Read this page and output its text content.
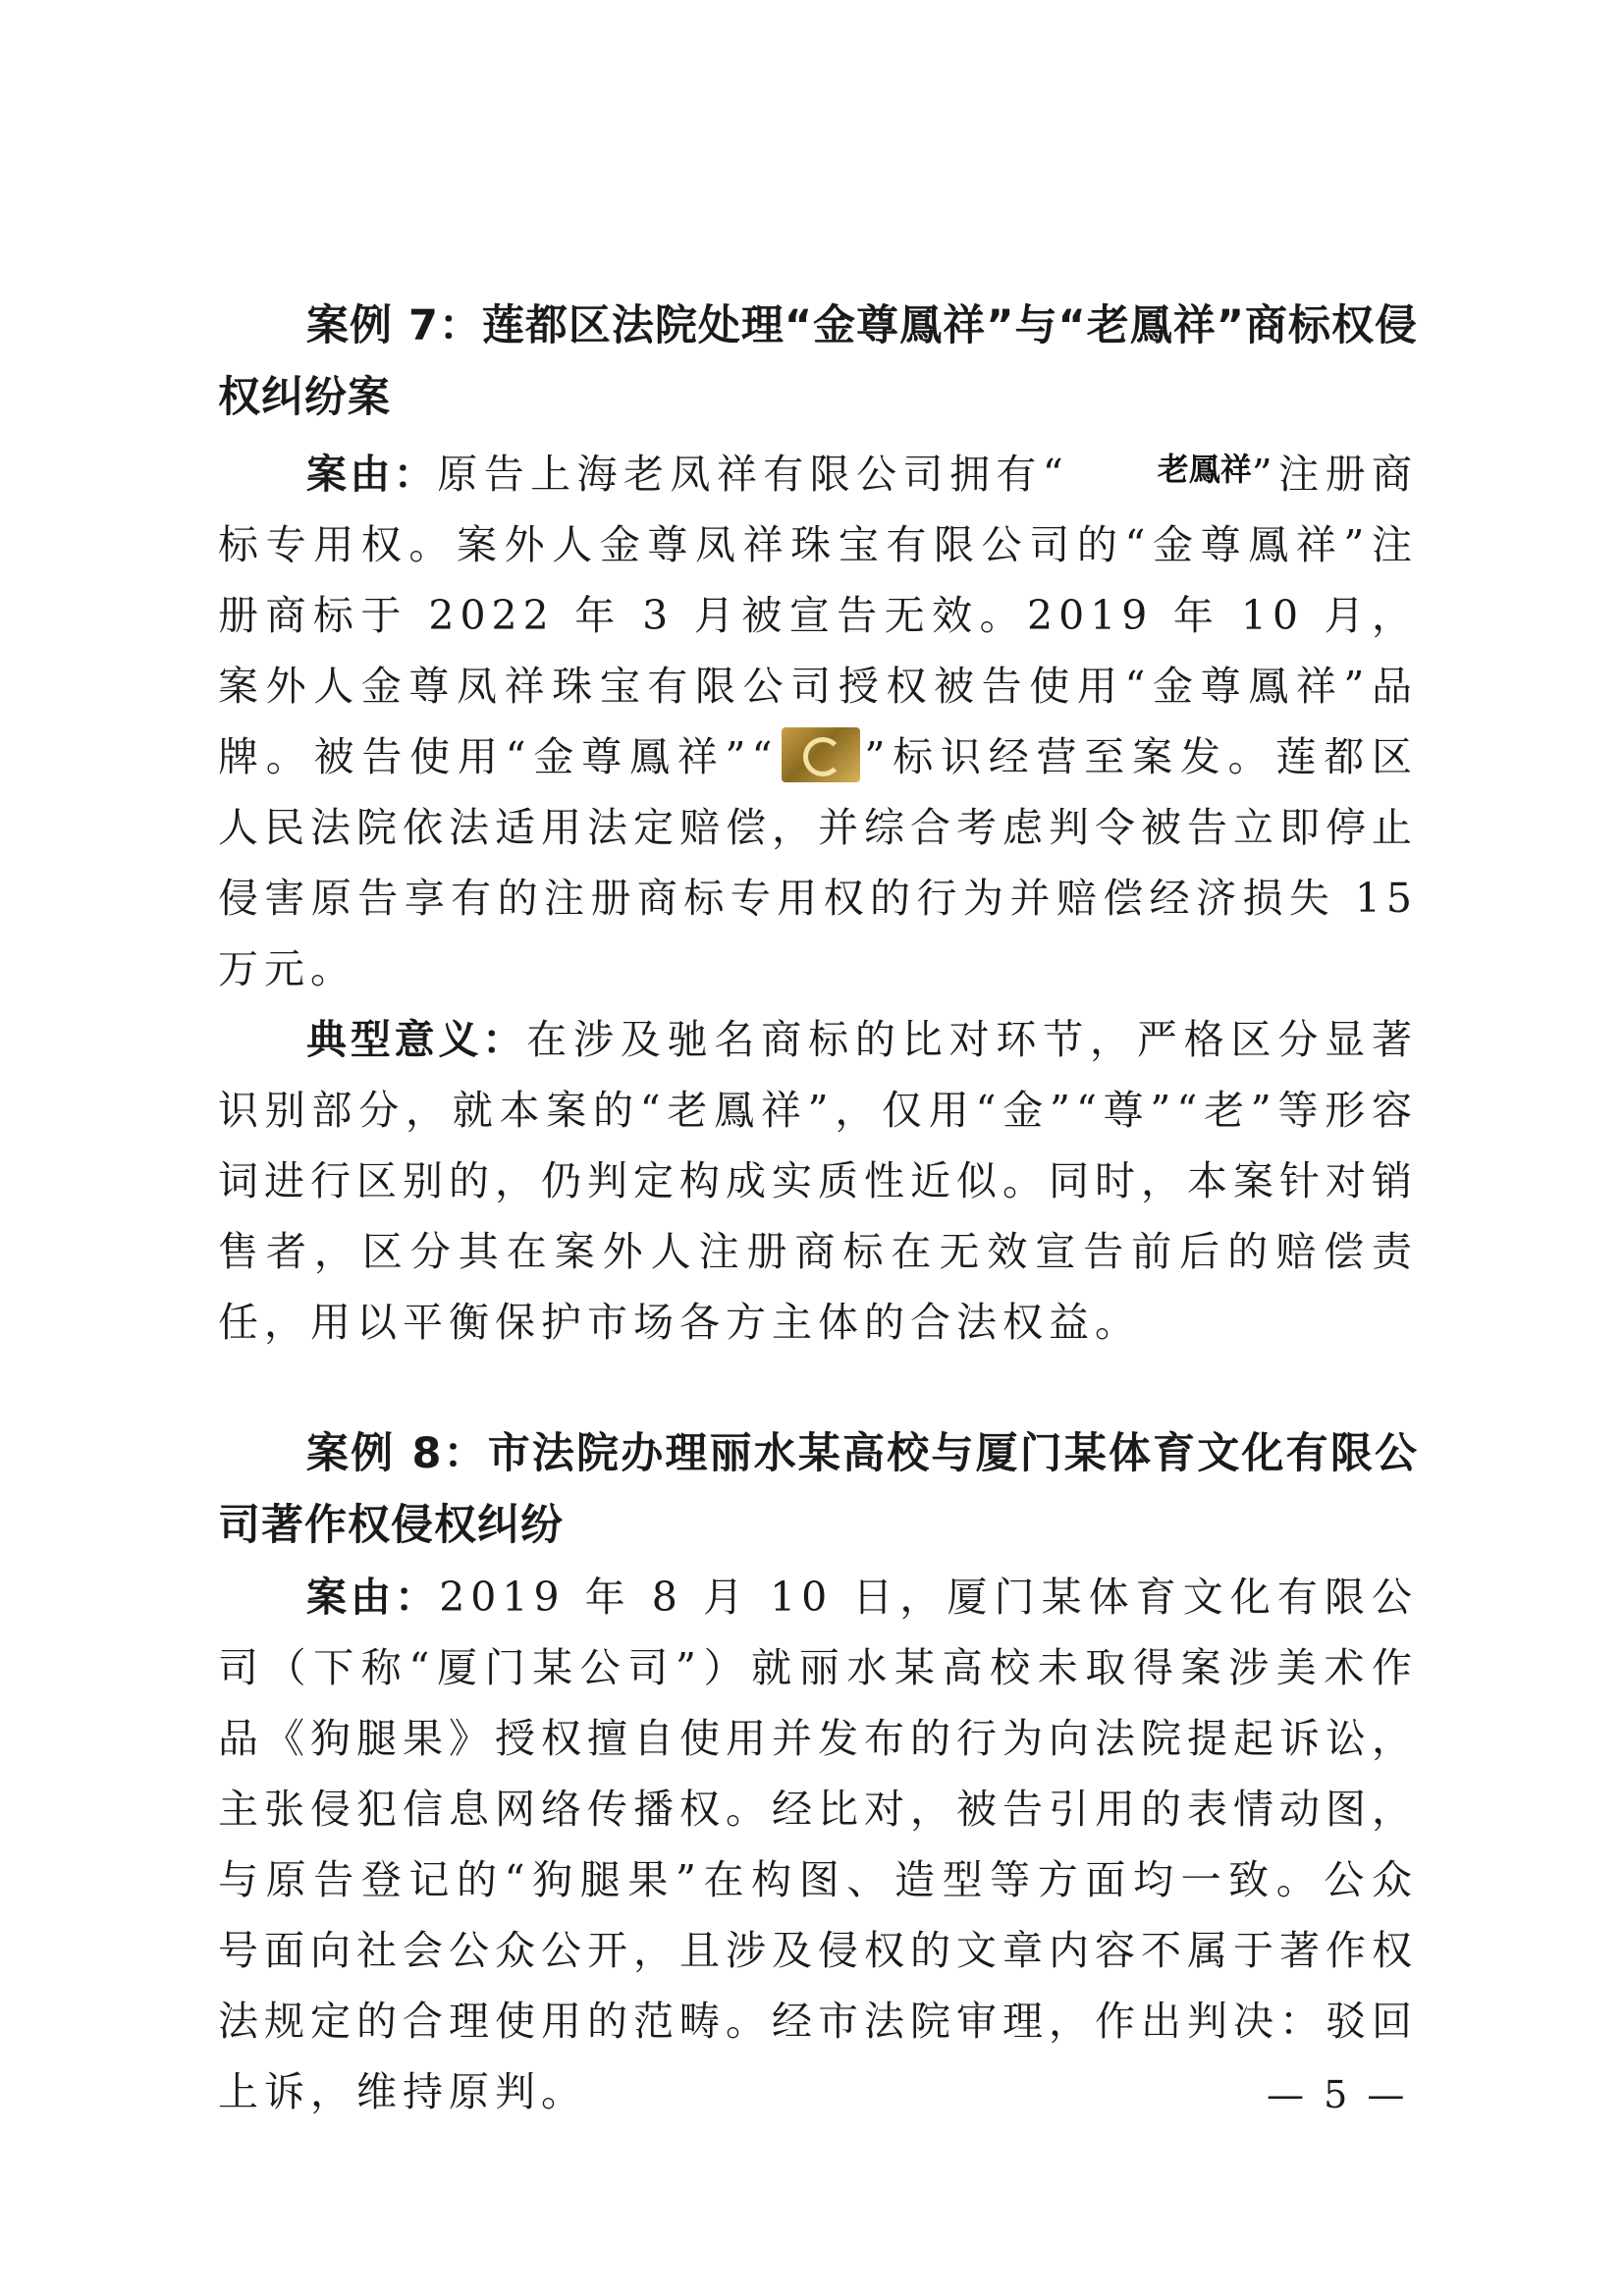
案例 7：莲都区法院处理“金尊鳳祥”与“老鳳祥”商标权侵权纠纷案

案由：原告上海老凤祥有限公司拥有“	老鳳祥”注册商标专用权。案外人金尊凤祥珠宝有限公司的“金尊鳳祥”注册商标于 2022 年 3 月被宣告无效。2019 年 10 月，案外人金尊凤祥珠宝有限公司授权被告使用“金尊鳳祥”品牌。被告使用“金尊鳳祥”“ ”标识经营至案发。莲都区人民法院依法适用法定赔偿，并综合考虑判令被告立即停止侵害原告享有的注册商标专用权的行为并赔偿经济损失 15 万元。

典型意义：在涉及驰名商标的比对环节，严格区分显著识别部分，就本案的“老鳳祥”，仅用“金”“尊”“老”等形容词进行区别的，仍判定构成实质性近似。同时，本案针对销售者，区分其在案外人注册商标在无效宣告前后的赔偿责任，用以平衡保护市场各方主体的合法权益。

案例 8：市法院办理丽水某高校与厦门某体育文化有限公司著作权侵权纠纷

案由：2019 年 8 月 10 日，厦门某体育文化有限公司（下称“厦门某公司”）就丽水某高校未取得案涉美术作品《狗腿果》授权擅自使用并发布的行为向法院提起诉讼，主张侵犯信息网络传播权。经比对，被告引用的表情动图，与原告登记的“狗腿果”在构图、造型等方面均一致。公众号面向社会公众公开，且涉及侵权的文章内容不属于著作权法规定的合理使用的范畴。经市法院审理，作出判决：驳回上诉，维持原判。	— 5 —
